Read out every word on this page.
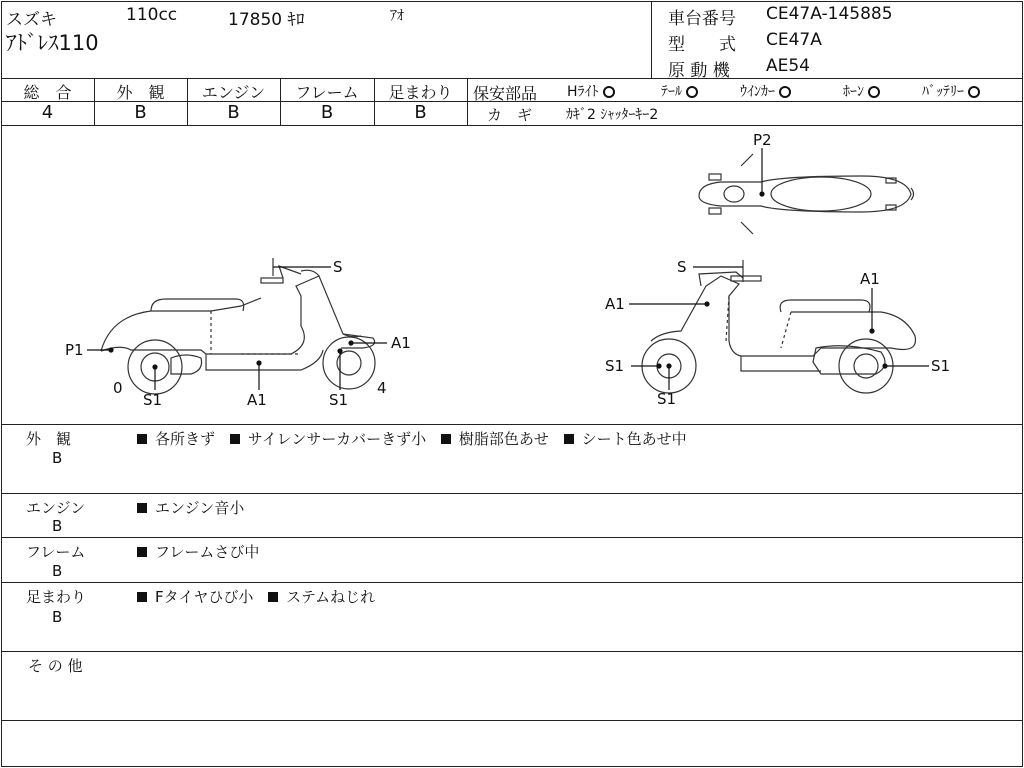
スズキ	110cc	17850 ｷﾛ	ｱｵ
ｱﾄﾞﾚｽ110
車台番号 CE47A-145885
型　　式 CE47A
原 動 機 AE54
総　合	外　観	エンジン	フレーム	足まわり
4	B	B	B	B
保安部品 Hﾗｲﾄ	ﾃｰﾙ	ｳｲﾝｶｰ	ﾎｰﾝ	ﾊﾞｯﾃﾘｰ
カ　ギ ｶｷﾞ2 ｼｬｯﾀｰｷｰ2
S
P1	A1
0
S1	A1	S1
4
P2
S
A1
A1
S1
S1
S1
外　観
B
各所きず サイレンサーカバーきず小 樹脂部色あせ シート色あせ中
エンジン
B
エンジン音小
フレーム
B
フレームさび中
足まわり
B
Fタイヤひび小 ステムねじれ
そ の 他
